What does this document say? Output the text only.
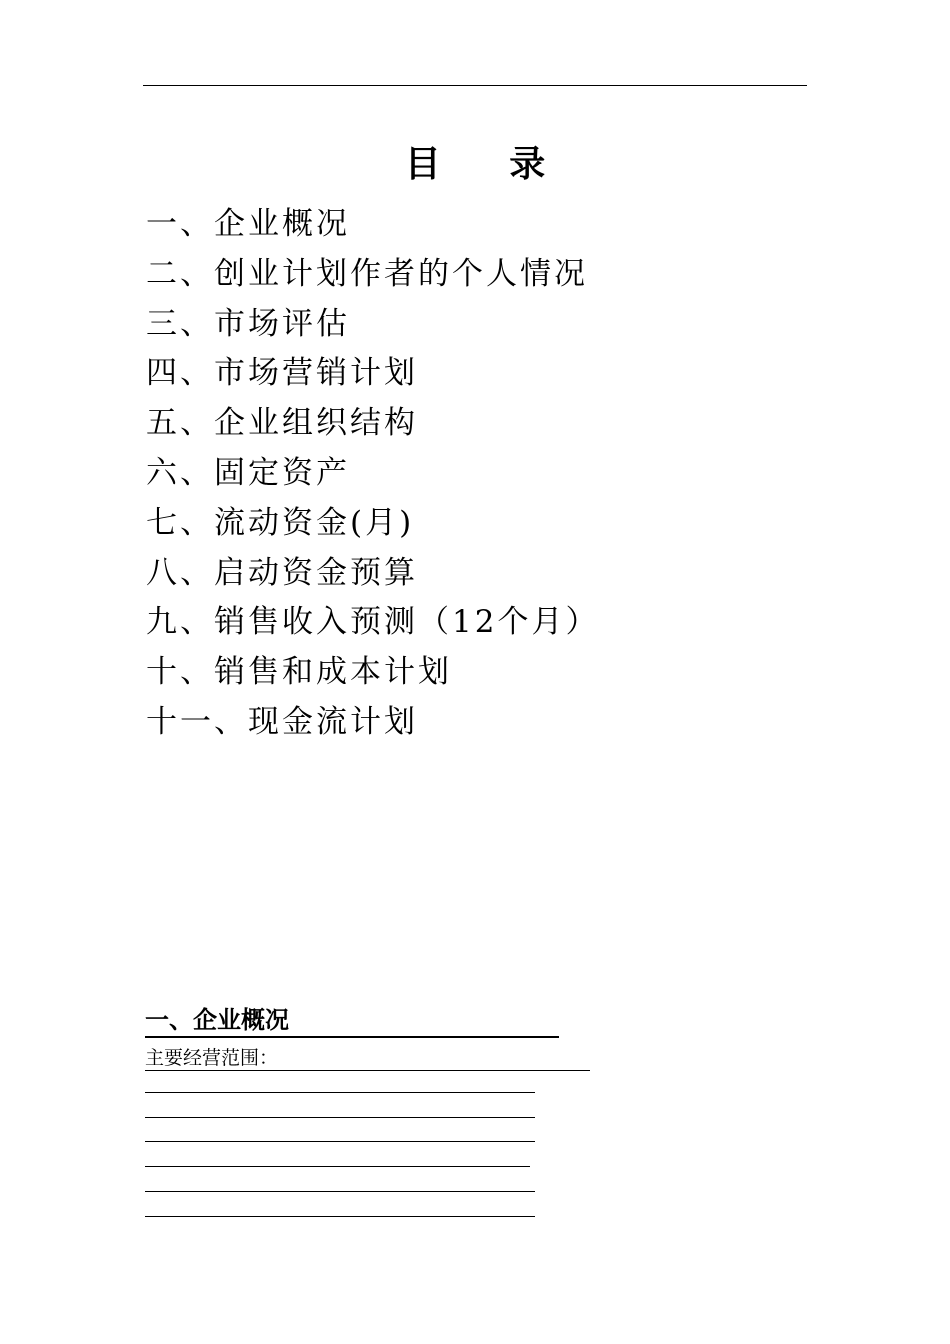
目 录
一、企业概况
二、创业计划作者的个人情况
三、市场评估
四、市场营销计划
五、企业组织结构
六、固定资产
七、流动资金(月)
八、启动资金预算
九、销售收入预测（12个月）
十、销售和成本计划
十一、现金流计划
一、企业概况
主要经营范围：
